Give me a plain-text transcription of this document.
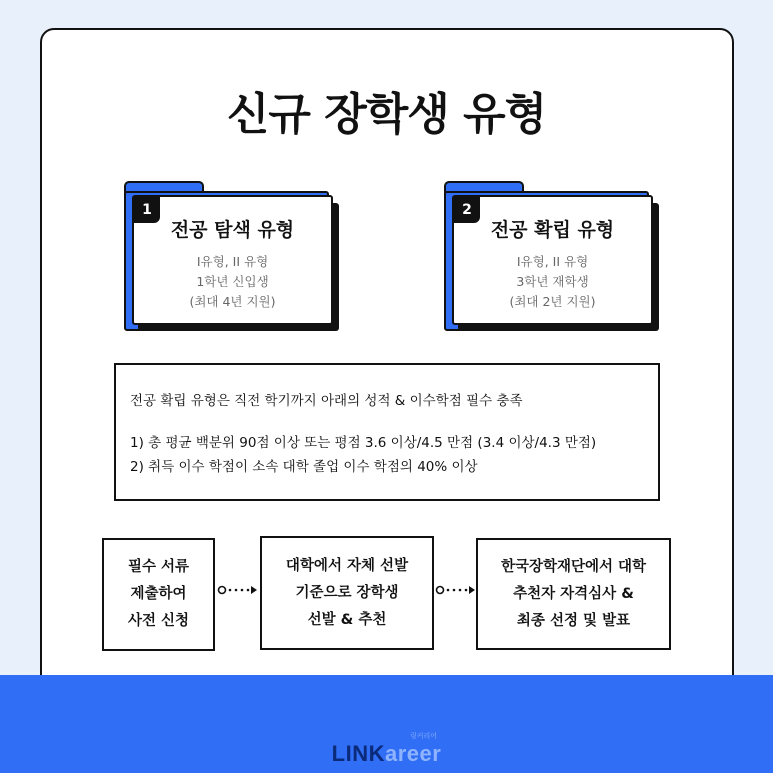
신규 장학생 유형
1
전공 탐색 유형
I유형, II 유형
1학년 신입생
(최대 4년 지원)
2
전공 확립 유형
I유형, II 유형
3학년 재학생
(최대 2년 지원)
전공 확립 유형은 직전 학기까지 아래의 성적 & 이수학점 필수 충족
1) 총 평균 백분위 90점 이상 또는 평점 3.6 이상/4.5 만점 (3.4 이상/4.3 만점)
2) 취득 이수 학점이 소속 대학 졸업 이수 학점의 40% 이상
필수 서류
제출하여
사전 신청
대학에서 자체 선발
기준으로 장학생
선발 & 추천
한국장학재단에서 대학
추천자 자격심사 &
최종 선정 및 발표
링커리어
LINKareer
